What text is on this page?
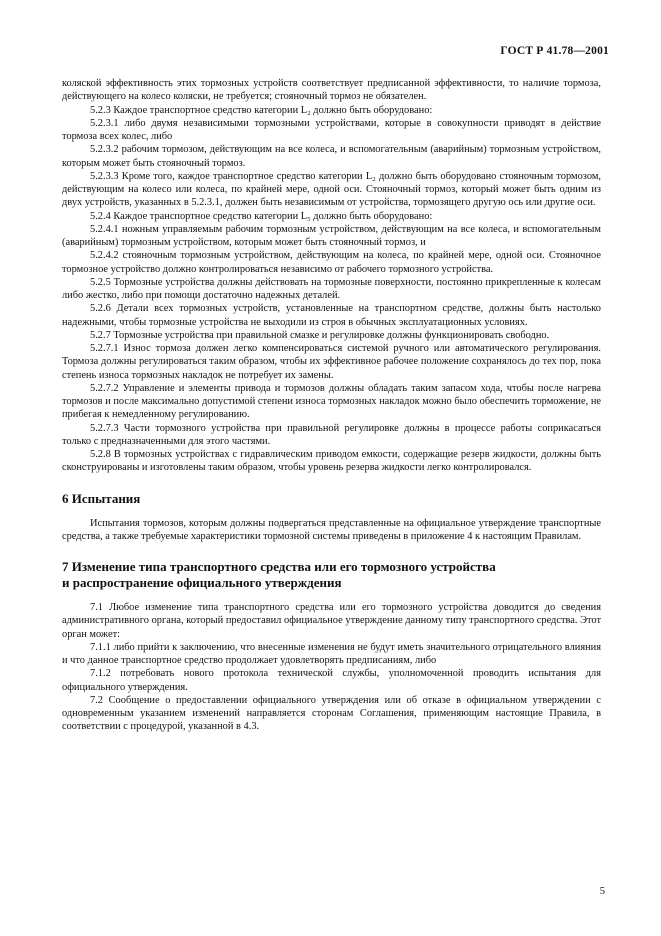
ГОСТ Р 41.78—2001

коляской эффективность этих тормозных устройств соответствует предписанной эффективности, то наличие тормоза, действующего на колесо коляски, не требуется; стояночный тормоз не обязателен.

5.2.3 Каждое транспортное средство категории L₂ должно быть оборудовано:

5.2.3.1 либо двумя независимыми тормозными устройствами, которые в совокупности приводят в действие тормоза всех колес, либо

5.2.3.2 рабочим тормозом, действующим на все колеса, и вспомогательным (аварийным) тормозным устройством, которым может быть стояночный тормоз.

5.2.3.3 Кроме того, каждое транспортное средство категории L₂ должно быть оборудовано стояночным тормозом, действующим на колесо или колеса, по крайней мере, одной оси. Стояночный тормоз, который может быть одним из двух устройств, указанных в 5.2.3.1, должен быть независимым от устройства, тормозящего другую ось или другие оси.

5.2.4 Каждое транспортное средство категории L₅ должно быть оборудовано:

5.2.4.1 ножным управляемым рабочим тормозным устройством, действующим на все колеса, и вспомогательным (аварийным) тормозным устройством, которым может быть стояночный тормоз, и

5.2.4.2 стояночным тормозным устройством, действующим на колеса, по крайней мере, одной оси. Стояночное тормозное устройство должно контролироваться независимо от рабочего тормозного устройства.

5.2.5 Тормозные устройства должны действовать на тормозные поверхности, постоянно прикрепленные к колесам либо жестко, либо при помощи достаточно надежных деталей.

5.2.6 Детали всех тормозных устройств, установленные на транспортном средстве, должны быть настолько надежными, чтобы тормозные устройства не выходили из строя в обычных эксплуатационных условиях.

5.2.7 Тормозные устройства при правильной смазке и регулировке должны функционировать свободно.

5.2.7.1 Износ тормоза должен легко компенсироваться системой ручного или автоматического регулирования. Тормоза должны регулироваться таким образом, чтобы их эффективное рабочее положение сохранялось до тех пор, пока степень износа тормозных накладок не потребует их замены.

5.2.7.2 Управление и элементы привода и тормозов должны обладать таким запасом хода, чтобы после нагрева тормозов и после максимально допустимой степени износа тормозных накладок можно было обеспечить торможение, не прибегая к немедленному регулированию.

5.2.7.3 Части тормозного устройства при правильной регулировке должны в процессе работы соприкасаться только с предназначенными для этого частями.

5.2.8 В тормозных устройствах с гидравлическим приводом емкости, содержащие резерв жидкости, должны быть сконструированы и изготовлены таким образом, чтобы уровень резерва жидкости легко контролировался.

6 Испытания

Испытания тормозов, которым должны подвергаться представленные на официальное утверждение транспортные средства, а также требуемые характеристики тормозной системы приведены в приложение 4 к настоящим Правилам.

7 Изменение типа транспортного средства или его тормозного устройства
и распространение официального утверждения

7.1 Любое изменение типа транспортного средства или его тормозного устройства доводится до сведения административного органа, который предоставил официальное утверждение данному типу транспортного средства. Этот орган может:

7.1.1 либо прийти к заключению, что внесенные изменения не будут иметь значительного отрицательного влияния и что данное транспортное средство продолжает удовлетворять предписаниям, либо

7.1.2 потребовать нового протокола технической службы, уполномоченной проводить испытания для официального утверждения.

7.2 Сообщение о предоставлении официального утверждения или об отказе в официальном утверждении с одновременным указанием изменений направляется сторонам Соглашения, применяющим настоящие Правила, в соответствии с процедурой, указанной в 4.3.

5
